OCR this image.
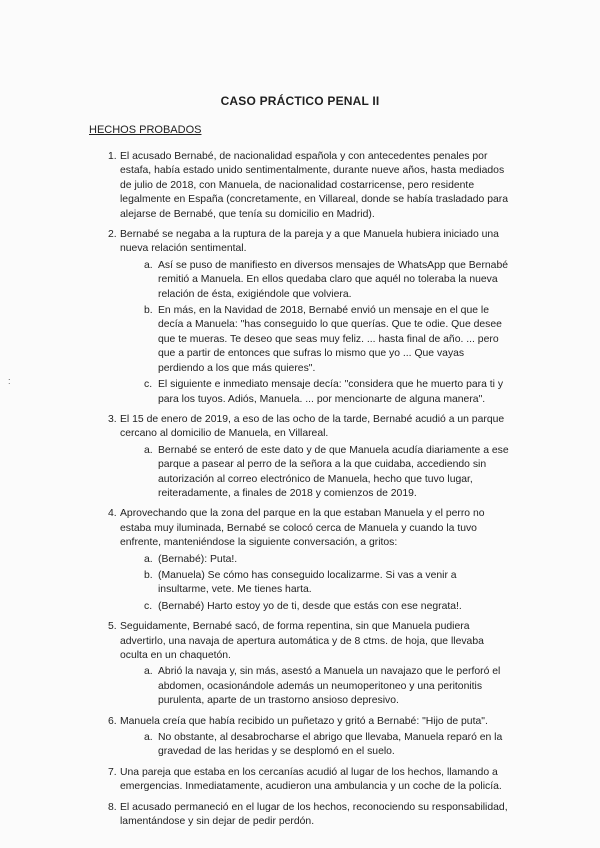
:
CASO PRÁCTICO PENAL II
HECHOS PROBADOS
1. El acusado Bernabé, de nacionalidad española y con antecedentes penales por estafa, había estado unido sentimentalmente, durante nueve años, hasta mediados de julio de 2018, con Manuela, de nacionalidad costarricense, pero residente legalmente en España (concretamente, en Villareal, donde se había trasladado para alejarse de Bernabé, que tenía su domicilio en Madrid).
2. Bernabé se negaba a la ruptura de la pareja y a que Manuela hubiera iniciado una nueva relación sentimental.
a. Así se puso de manifiesto en diversos mensajes de WhatsApp que Bernabé remitió a Manuela. En ellos quedaba claro que aquél no toleraba la nueva relación de ésta, exigiéndole que volviera.
b. En más, en la Navidad de 2018, Bernabé envió un mensaje en el que le decía a Manuela: "has conseguido lo que querías. Que te odie. Que desee que te mueras. Te deseo que seas muy feliz. ... hasta final de año. ... pero que a partir de entonces que sufras lo mismo que yo ... Que vayas perdiendo a los que más quieres".
c. El siguiente e inmediato mensaje decía: "considera que he muerto para ti y para los tuyos. Adiós, Manuela. ... por mencionarte de alguna manera".
3. El 15 de enero de 2019, a eso de las ocho de la tarde, Bernabé acudió a un parque cercano al domicilio de Manuela, en Villareal.
a. Bernabé se enteró de este dato y de que Manuela acudía diariamente a ese parque a pasear al perro de la señora a la que cuidaba, accediendo sin autorización al correo electrónico de Manuela, hecho que tuvo lugar, reiteradamente, a finales de 2018 y comienzos de 2019.
4. Aprovechando que la zona del parque en la que estaban Manuela y el perro no estaba muy iluminada, Bernabé se colocó cerca de Manuela y cuando la tuvo enfrente, manteniéndose la siguiente conversación, a gritos:
a. (Bernabé): Puta!.
b. (Manuela) Se cómo has conseguido localizarme. Si vas a venir a insultarme, vete. Me tienes harta.
c. (Bernabé) Harto estoy yo de ti, desde que estás con ese negrata!.
5. Seguidamente, Bernabé sacó, de forma repentina, sin que Manuela pudiera advertirlo, una navaja de apertura automática y de 8 ctms. de hoja, que llevaba oculta en un chaquetón.
a. Abrió la navaja y, sin más, asestó a Manuela un navajazo que le perforó el abdomen, ocasionándole además un neumoperitoneo y una peritonitis purulenta, aparte de un trastorno ansioso depresivo.
6. Manuela creía que había recibido un puñetazo y gritó a Bernabé: "Hijo de puta".
a. No obstante, al desabrocharse el abrigo que llevaba, Manuela reparó en la gravedad de las heridas y se desplomó en el suelo.
7. Una pareja que estaba en los cercanías acudió al lugar de los hechos, llamando a emergencias. Inmediatamente, acudieron una ambulancia y un coche de la policía.
8. El acusado permaneció en el lugar de los hechos, reconociendo su responsabilidad, lamentándose y sin dejar de pedir perdón.
